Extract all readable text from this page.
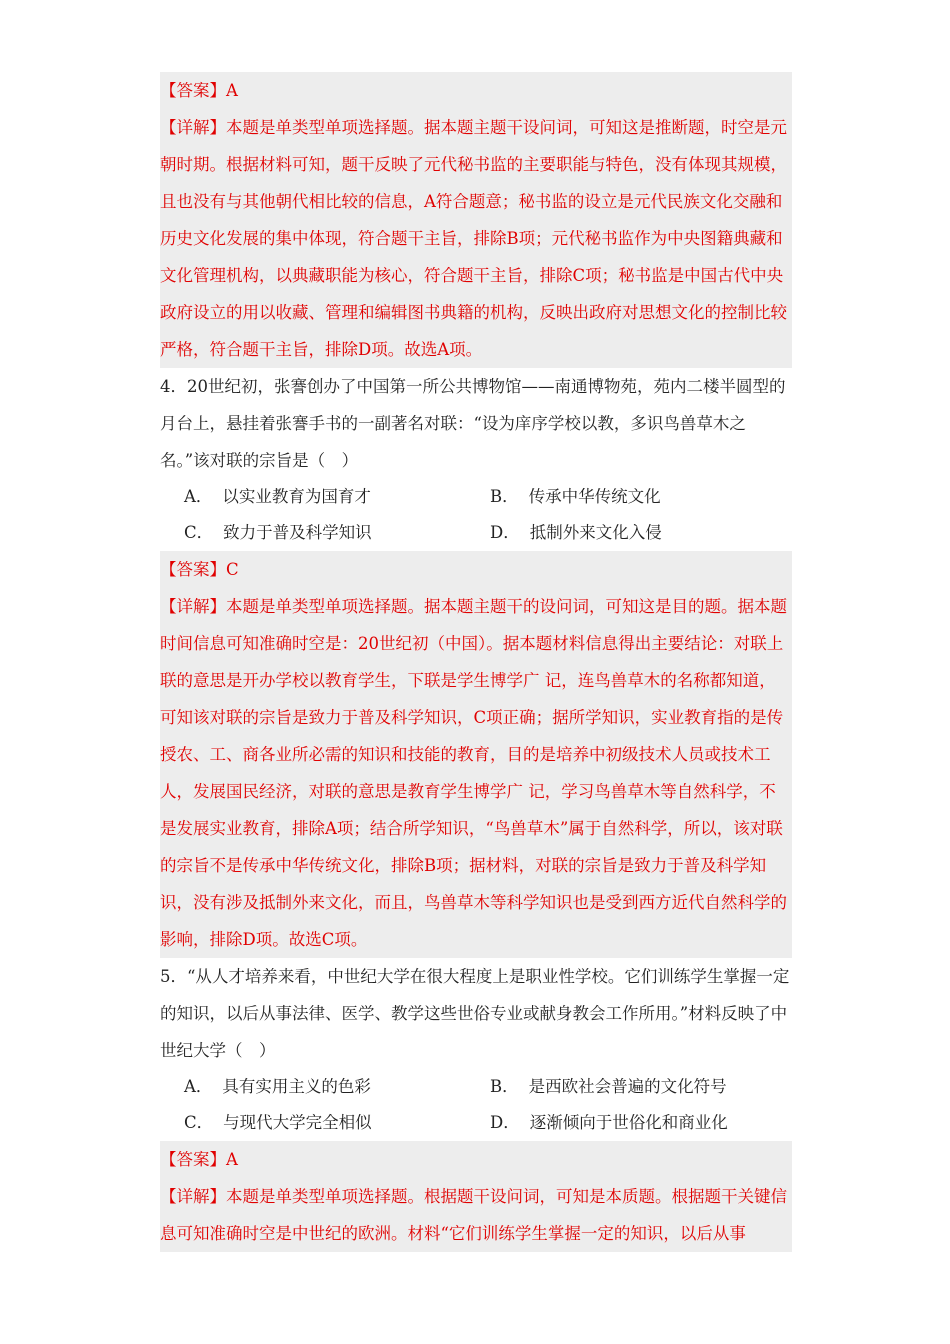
【答案】A

【详解】本题是单类型单项选择题。据本题主题干设问词，可知这是推断题，时空是元朝时期。根据材料可知，题干反映了元代秘书监的主要职能与特色，没有体现其规模，且也没有与其他朝代相比较的信息，A符合题意；秘书监的设立是元代民族文化交融和历史文化发展的集中体现，符合题干主旨，排除B项；元代秘书监作为中央图籍典藏和文化管理机构，以典藏职能为核心，符合题干主旨，排除C项；秘书监是中国古代中央政府设立的用以收藏、管理和编辑图书典籍的机构，反映出政府对思想文化的控制比较严格，符合题干主旨，排除D项。故选A项。

4．20世纪初，张謇创办了中国第一所公共博物馆——南通博物苑，苑内二楼半圆型的月台上，悬挂着张謇手书的一副著名对联：“设为庠序学校以教，多识鸟兽草木之名。”该对联的宗旨是（　）

A． 以实业教育为国育才	B． 传承中华传统文化
C． 致力于普及科学知识	D． 抵制外来文化入侵

【答案】C

【详解】本题是单类型单项选择题。据本题主题干的设问词，可知这是目的题。据本题时间信息可知准确时空是：20世纪初（中国）。据本题材料信息得出主要结论：对联上联的意思是开办学校以教育学生，下联是学生博学广 记，连鸟兽草木的名称都知道，可知该对联的宗旨是致力于普及科学知识，C项正确；据所学知识，实业教育指的是传授农、工、商各业所必需的知识和技能的教育，目的是培养中初级技术人员或技术工人，发展国民经济，对联的意思是教育学生博学广 记，学习鸟兽草木等自然科学，不是发展实业教育，排除A项；结合所学知识，“鸟兽草木”属于自然科学，所以，该对联的宗旨不是传承中华传统文化，排除B项；据材料，对联的宗旨是致力于普及科学知识，没有涉及抵制外来文化，而且，鸟兽草木等科学知识也是受到西方近代自然科学的影响，排除D项。故选C项。

5．“从人才培养来看，中世纪大学在很大程度上是职业性学校。它们训练学生掌握一定的知识，以后从事法律、医学、教学这些世俗专业或献身教会工作所用。”材料反映了中世纪大学（　）

A． 具有实用主义的色彩	B． 是西欧社会普遍的文化符号
C． 与现代大学完全相似	D． 逐渐倾向于世俗化和商业化

【答案】A

【详解】本题是单类型单项选择题。根据题干设问词，可知是本质题。根据题干关键信息可知准确时空是中世纪的欧洲。材料“它们训练学生掌握一定的知识，以后从事
